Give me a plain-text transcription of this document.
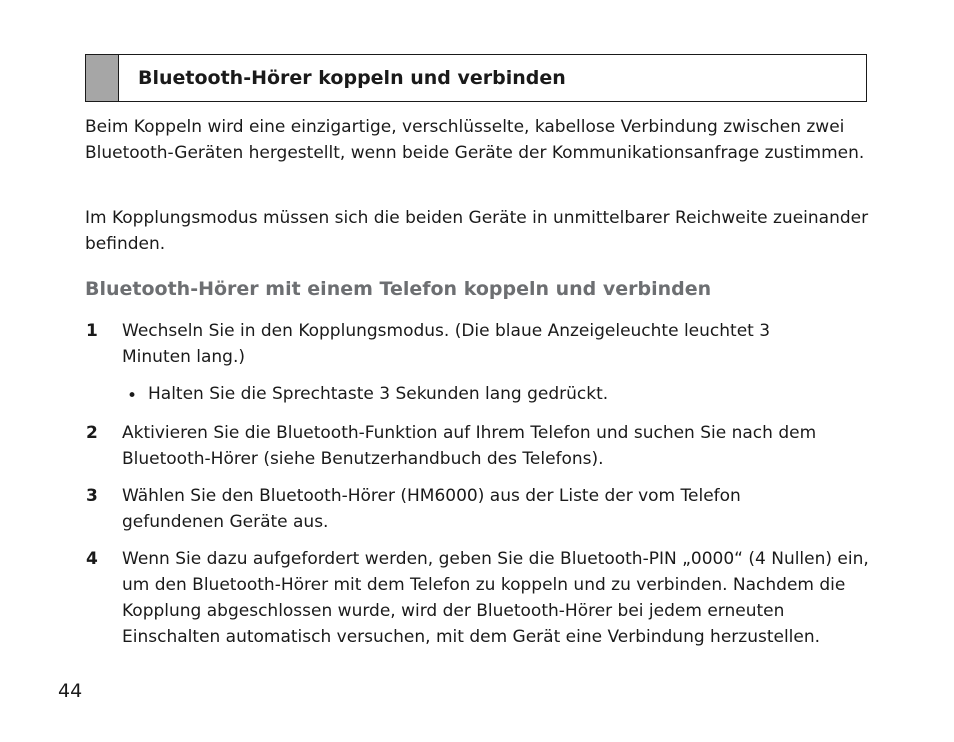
Bluetooth-Hörer koppeln und verbinden
Beim Koppeln wird eine einzigartige, verschlüsselte, kabellose Verbindung zwischen zwei Bluetooth-Geräten hergestellt, wenn beide Geräte der Kommunikationsanfrage zustimmen.
Im Kopplungsmodus müssen sich die beiden Geräte in unmittelbarer Reichweite zueinander befinden.
Bluetooth-Hörer mit einem Telefon koppeln und verbinden
1 Wechseln Sie in den Kopplungsmodus. (Die blaue Anzeigeleuchte leuchtet 3 Minuten lang.)
• Halten Sie die Sprechtaste 3 Sekunden lang gedrückt.
2 Aktivieren Sie die Bluetooth-Funktion auf Ihrem Telefon und suchen Sie nach dem Bluetooth-Hörer (siehe Benutzerhandbuch des Telefons).
3 Wählen Sie den Bluetooth-Hörer (HM6000) aus der Liste der vom Telefon gefundenen Geräte aus.
4 Wenn Sie dazu aufgefordert werden, geben Sie die Bluetooth-PIN „0000“ (4 Nullen) ein, um den Bluetooth-Hörer mit dem Telefon zu koppeln und zu verbinden. Nachdem die Kopplung abgeschlossen wurde, wird der Bluetooth-Hörer bei jedem erneuten Einschalten automatisch versuchen, mit dem Gerät eine Verbindung herzustellen.
44
